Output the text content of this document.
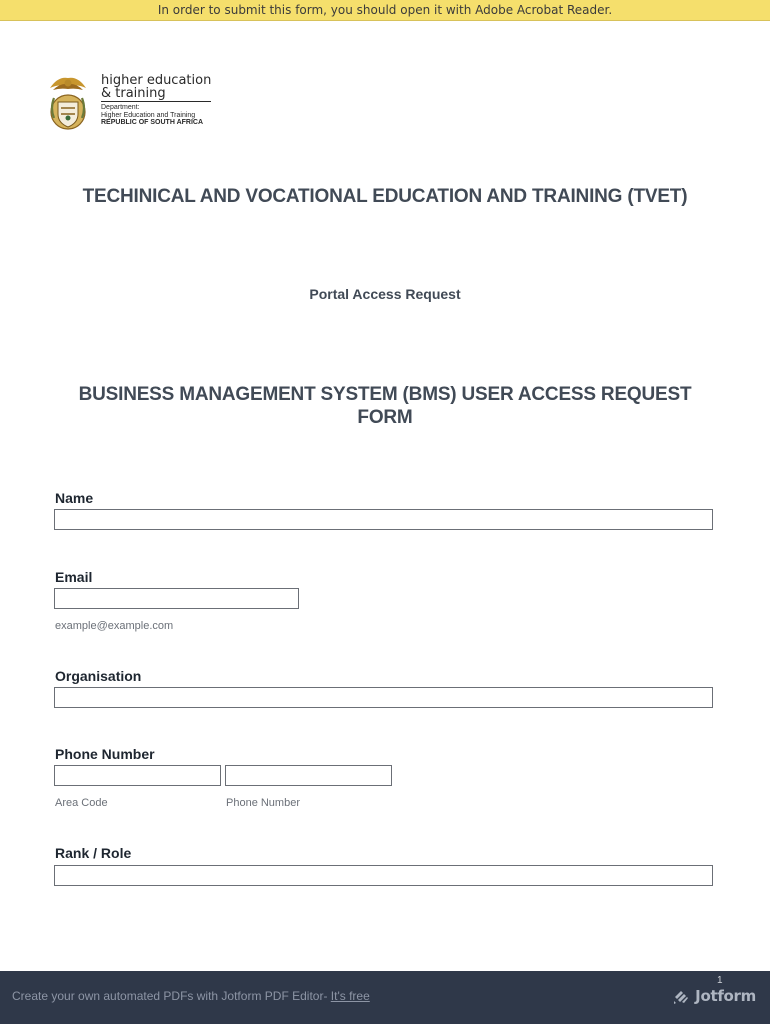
In order to submit this form, you should open it with Adobe Acrobat Reader.
higher education
& training
Department:
Higher Education and Training
REPUBLIC OF SOUTH AFRICA
TECHINICAL AND VOCATIONAL EDUCATION AND TRAINING (TVET)
Portal Access Request
BUSINESS MANAGEMENT SYSTEM (BMS) USER ACCESS REQUEST FORM
Name
Email
example@example.com
Organisation
Phone Number
Area Code	Phone Number
Rank / Role
1
Create your own automated PDFs with Jotform PDF Editor- It's free	Jotform
